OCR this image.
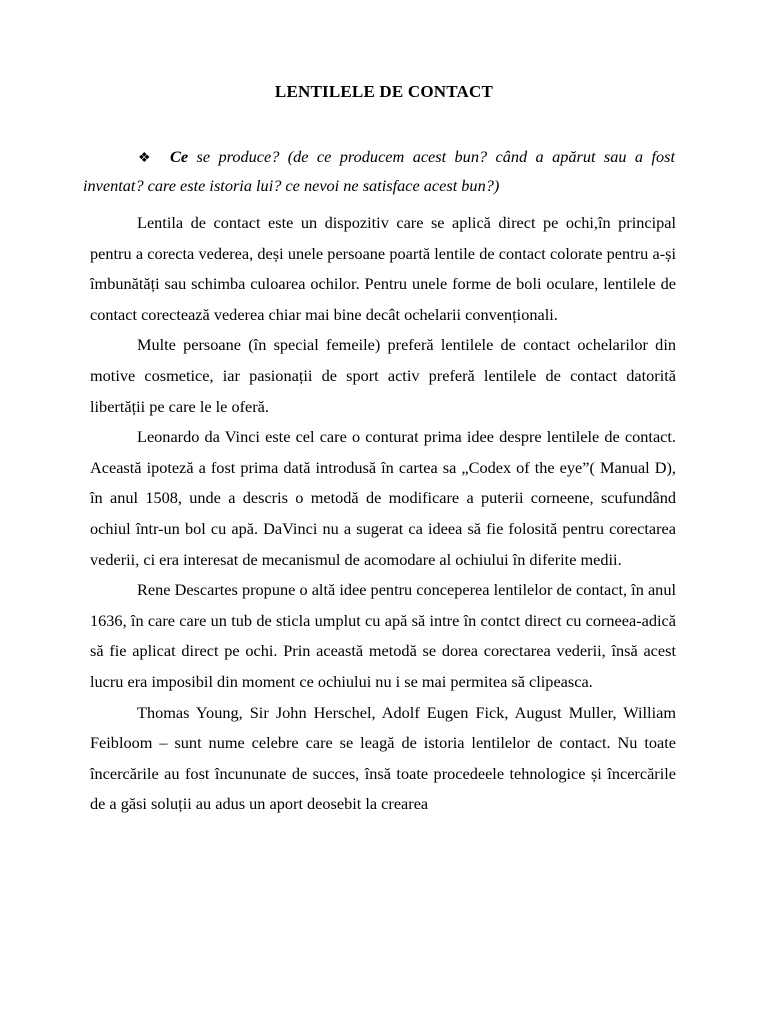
LENTILELE DE CONTACT
❖ Ce se produce? (de ce producem acest bun? când a apărut sau a fost inventat? care este istoria lui? ce nevoi ne satisface acest bun?)

Lentila de contact este un dispozitiv care se aplică direct pe ochi,în principal pentru a corecta vederea, deși unele persoane poartă lentile de contact colorate pentru a-și îmbunătăți sau schimba culoarea ochilor. Pentru unele forme de boli oculare, lentilele de contact corectează vederea chiar mai bine decât ochelarii convenționali.

Multe persoane (în special femeile) preferă lentilele de contact ochelarilor din motive cosmetice, iar pasionații de sport activ preferă lentilele de contact datorită libertății pe care le le oferă.

Leonardo da Vinci este cel care o conturat prima idee despre lentilele de contact. Această ipoteză a fost prima dată introdusă în cartea sa „Codex of the eye”( Manual D), în anul 1508, unde a descris o metodă de modificare a puterii corneene, scufundând ochiul într-un bol cu apă. DaVinci nu a sugerat ca ideea să fie folosită pentru corectarea vederii, ci era interesat de mecanismul de acomodare al ochiului în diferite medii.

Rene Descartes propune o altă idee pentru conceperea lentilelor de contact, în anul 1636, în care care un tub de sticla umplut cu apă să intre în contct direct cu corneea-adică să fie aplicat direct pe ochi. Prin această metodă se dorea corectarea vederii, însă acest lucru era imposibil din moment ce ochiului nu i se mai permitea să clipeasca.

Thomas Young, Sir John Herschel, Adolf Eugen Fick, August Muller, William Feibloom – sunt nume celebre care se leagă de istoria lentilelor de contact. Nu toate încercările au fost încununate de succes, însă toate procedeele tehnologice și încercările de a găsi soluții au adus un aport deosebit la crearea
